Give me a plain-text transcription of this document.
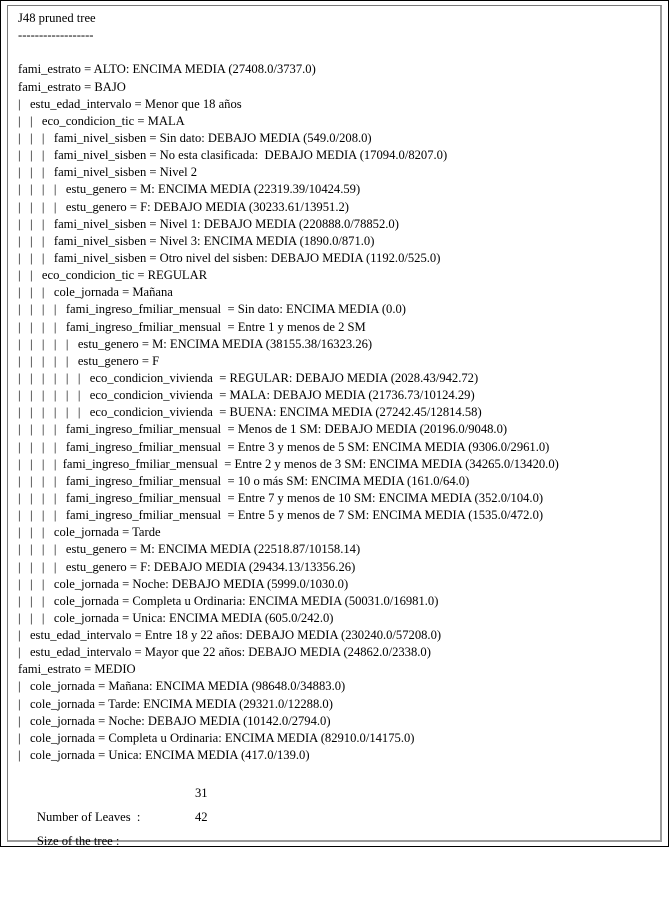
J48 pruned tree
------------------
fami_estrato = ALTO: ENCIMA MEDIA (27408.0/3737.0)
fami_estrato = BAJO
|   estu_edad_intervalo = Menor que 18 años
|   |   eco_condicion_tic = MALA
|   |   |   fami_nivel_sisben = Sin dato: DEBAJO MEDIA (549.0/208.0)
|   |   |   fami_nivel_sisben = No esta clasificada:  DEBAJO MEDIA (17094.0/8207.0)
|   |   |   fami_nivel_sisben = Nivel 2
|   |   |   |   estu_genero = M: ENCIMA MEDIA (22319.39/10424.59)
|   |   |   |   estu_genero = F: DEBAJO MEDIA (30233.61/13951.2)
|   |   |   fami_nivel_sisben = Nivel 1: DEBAJO MEDIA (220888.0/78852.0)
|   |   |   fami_nivel_sisben = Nivel 3: ENCIMA MEDIA (1890.0/871.0)
|   |   |   fami_nivel_sisben = Otro nivel del sisben: DEBAJO MEDIA (1192.0/525.0)
|   |   eco_condicion_tic = REGULAR
|   |   |   cole_jornada = Mañana
|   |   |   |   fami_ingreso_fmiliar_mensual  = Sin dato: ENCIMA MEDIA (0.0)
|   |   |   |   fami_ingreso_fmiliar_mensual  = Entre 1 y menos de 2 SM
|   |   |   |   |   estu_genero = M: ENCIMA MEDIA (38155.38/16323.26)
|   |   |   |   |   estu_genero = F
|   |   |   |   |   |   eco_condicion_vivienda  = REGULAR: DEBAJO MEDIA (2028.43/942.72)
|   |   |   |   |   |   eco_condicion_vivienda  = MALA: DEBAJO MEDIA (21736.73/10124.29)
|   |   |   |   |   |   eco_condicion_vivienda  = BUENA: ENCIMA MEDIA (27242.45/12814.58)
|   |   |   |   fami_ingreso_fmiliar_mensual  = Menos de 1 SM: DEBAJO MEDIA (20196.0/9048.0)
|   |   |   |   fami_ingreso_fmiliar_mensual  = Entre 3 y menos de 5 SM: ENCIMA MEDIA (9306.0/2961.0)
|   |   |   |  fami_ingreso_fmiliar_mensual  = Entre 2 y menos de 3 SM: ENCIMA MEDIA (34265.0/13420.0)
|   |   |   |   fami_ingreso_fmiliar_mensual  = 10 o más SM: ENCIMA MEDIA (161.0/64.0)
|   |   |   |   fami_ingreso_fmiliar_mensual  = Entre 7 y menos de 10 SM: ENCIMA MEDIA (352.0/104.0)
|   |   |   |   fami_ingreso_fmiliar_mensual  = Entre 5 y menos de 7 SM: ENCIMA MEDIA (1535.0/472.0)
|   |   |   cole_jornada = Tarde
|   |   |   |   estu_genero = M: ENCIMA MEDIA (22518.87/10158.14)
|   |   |   |   estu_genero = F: DEBAJO MEDIA (29434.13/13356.26)
|   |   |   cole_jornada = Noche: DEBAJO MEDIA (5999.0/1030.0)
|   |   |   cole_jornada = Completa u Ordinaria: ENCIMA MEDIA (50031.0/16981.0)
|   |   |   cole_jornada = Unica: ENCIMA MEDIA (605.0/242.0)
|   estu_edad_intervalo = Entre 18 y 22 años: DEBAJO MEDIA (230240.0/57208.0)
|   estu_edad_intervalo = Mayor que 22 años: DEBAJO MEDIA (24862.0/2338.0)
fami_estrato = MEDIO
|   cole_jornada = Mañana: ENCIMA MEDIA (98648.0/34883.0)
|   cole_jornada = Tarde: ENCIMA MEDIA (29321.0/12288.0)
|   cole_jornada = Noche: DEBAJO MEDIA (10142.0/2794.0)
|   cole_jornada = Completa u Ordinaria: ENCIMA MEDIA (82910.0/14175.0)
|   cole_jornada = Unica: ENCIMA MEDIA (417.0/139.0)

Number of Leaves  :

31

Size of the tree :

42
